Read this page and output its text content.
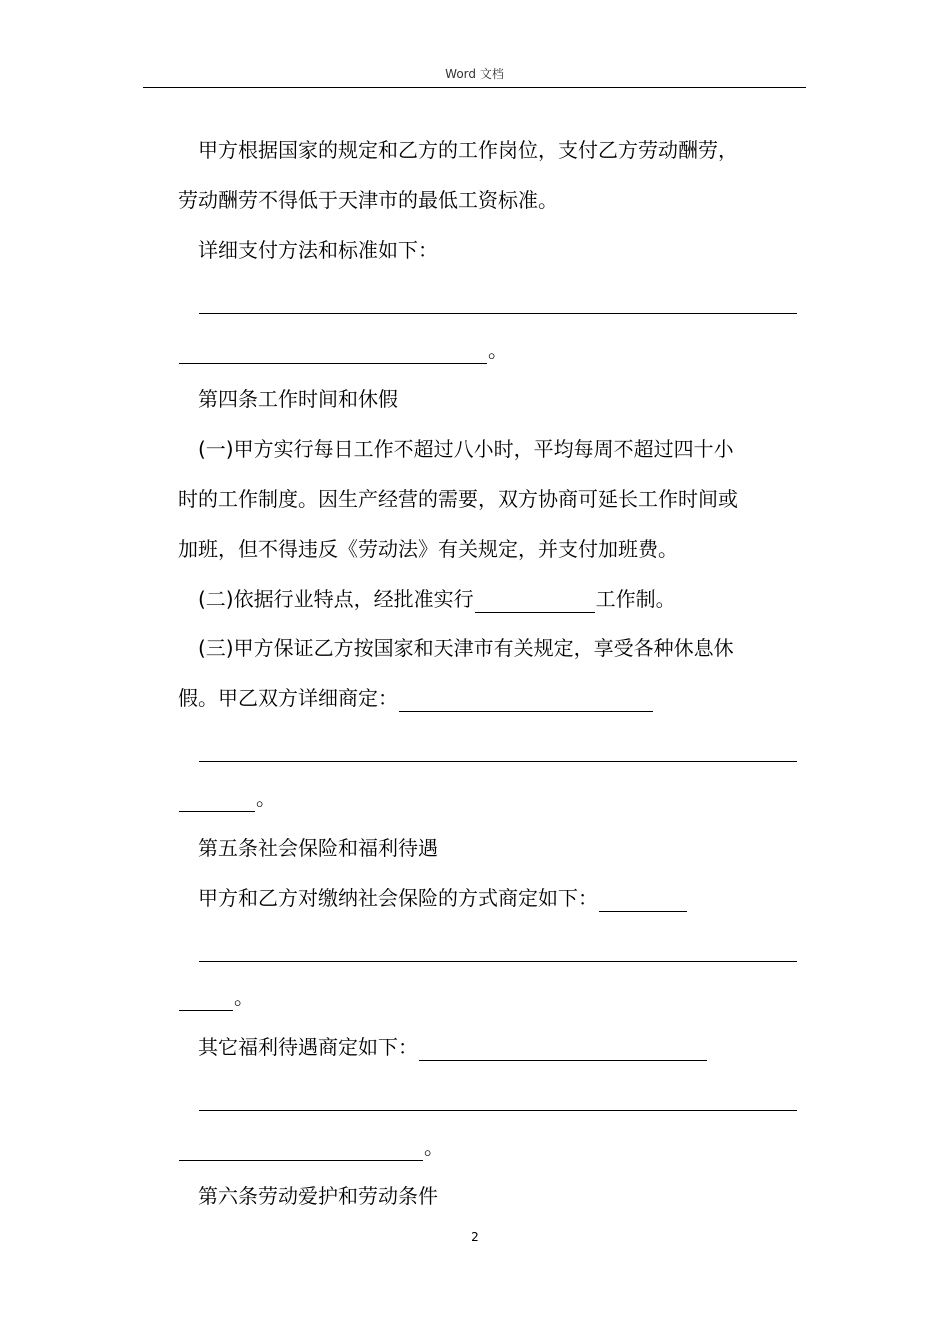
Word 文档
甲方根据国家的规定和乙方的工作岗位，支付乙方劳动酬劳，
劳动酬劳不得低于天津市的最低工资标准。
详细支付方法和标准如下：
。
第四条工作时间和休假
(一)甲方实行每日工作不超过八小时，平均每周不超过四十小
时的工作制度。因生产经营的需要，双方协商可延长工作时间或
加班，但不得违反《劳动法》有关规定，并支付加班费。
(二)依据行业特点，经批准实行	工作制。
(三)甲方保证乙方按国家和天津市有关规定，享受各种休息休
假。甲乙双方详细商定：
。
第五条社会保险和福利待遇
甲方和乙方对缴纳社会保险的方式商定如下：
。
其它福利待遇商定如下：
。
第六条劳动爱护和劳动条件
2
